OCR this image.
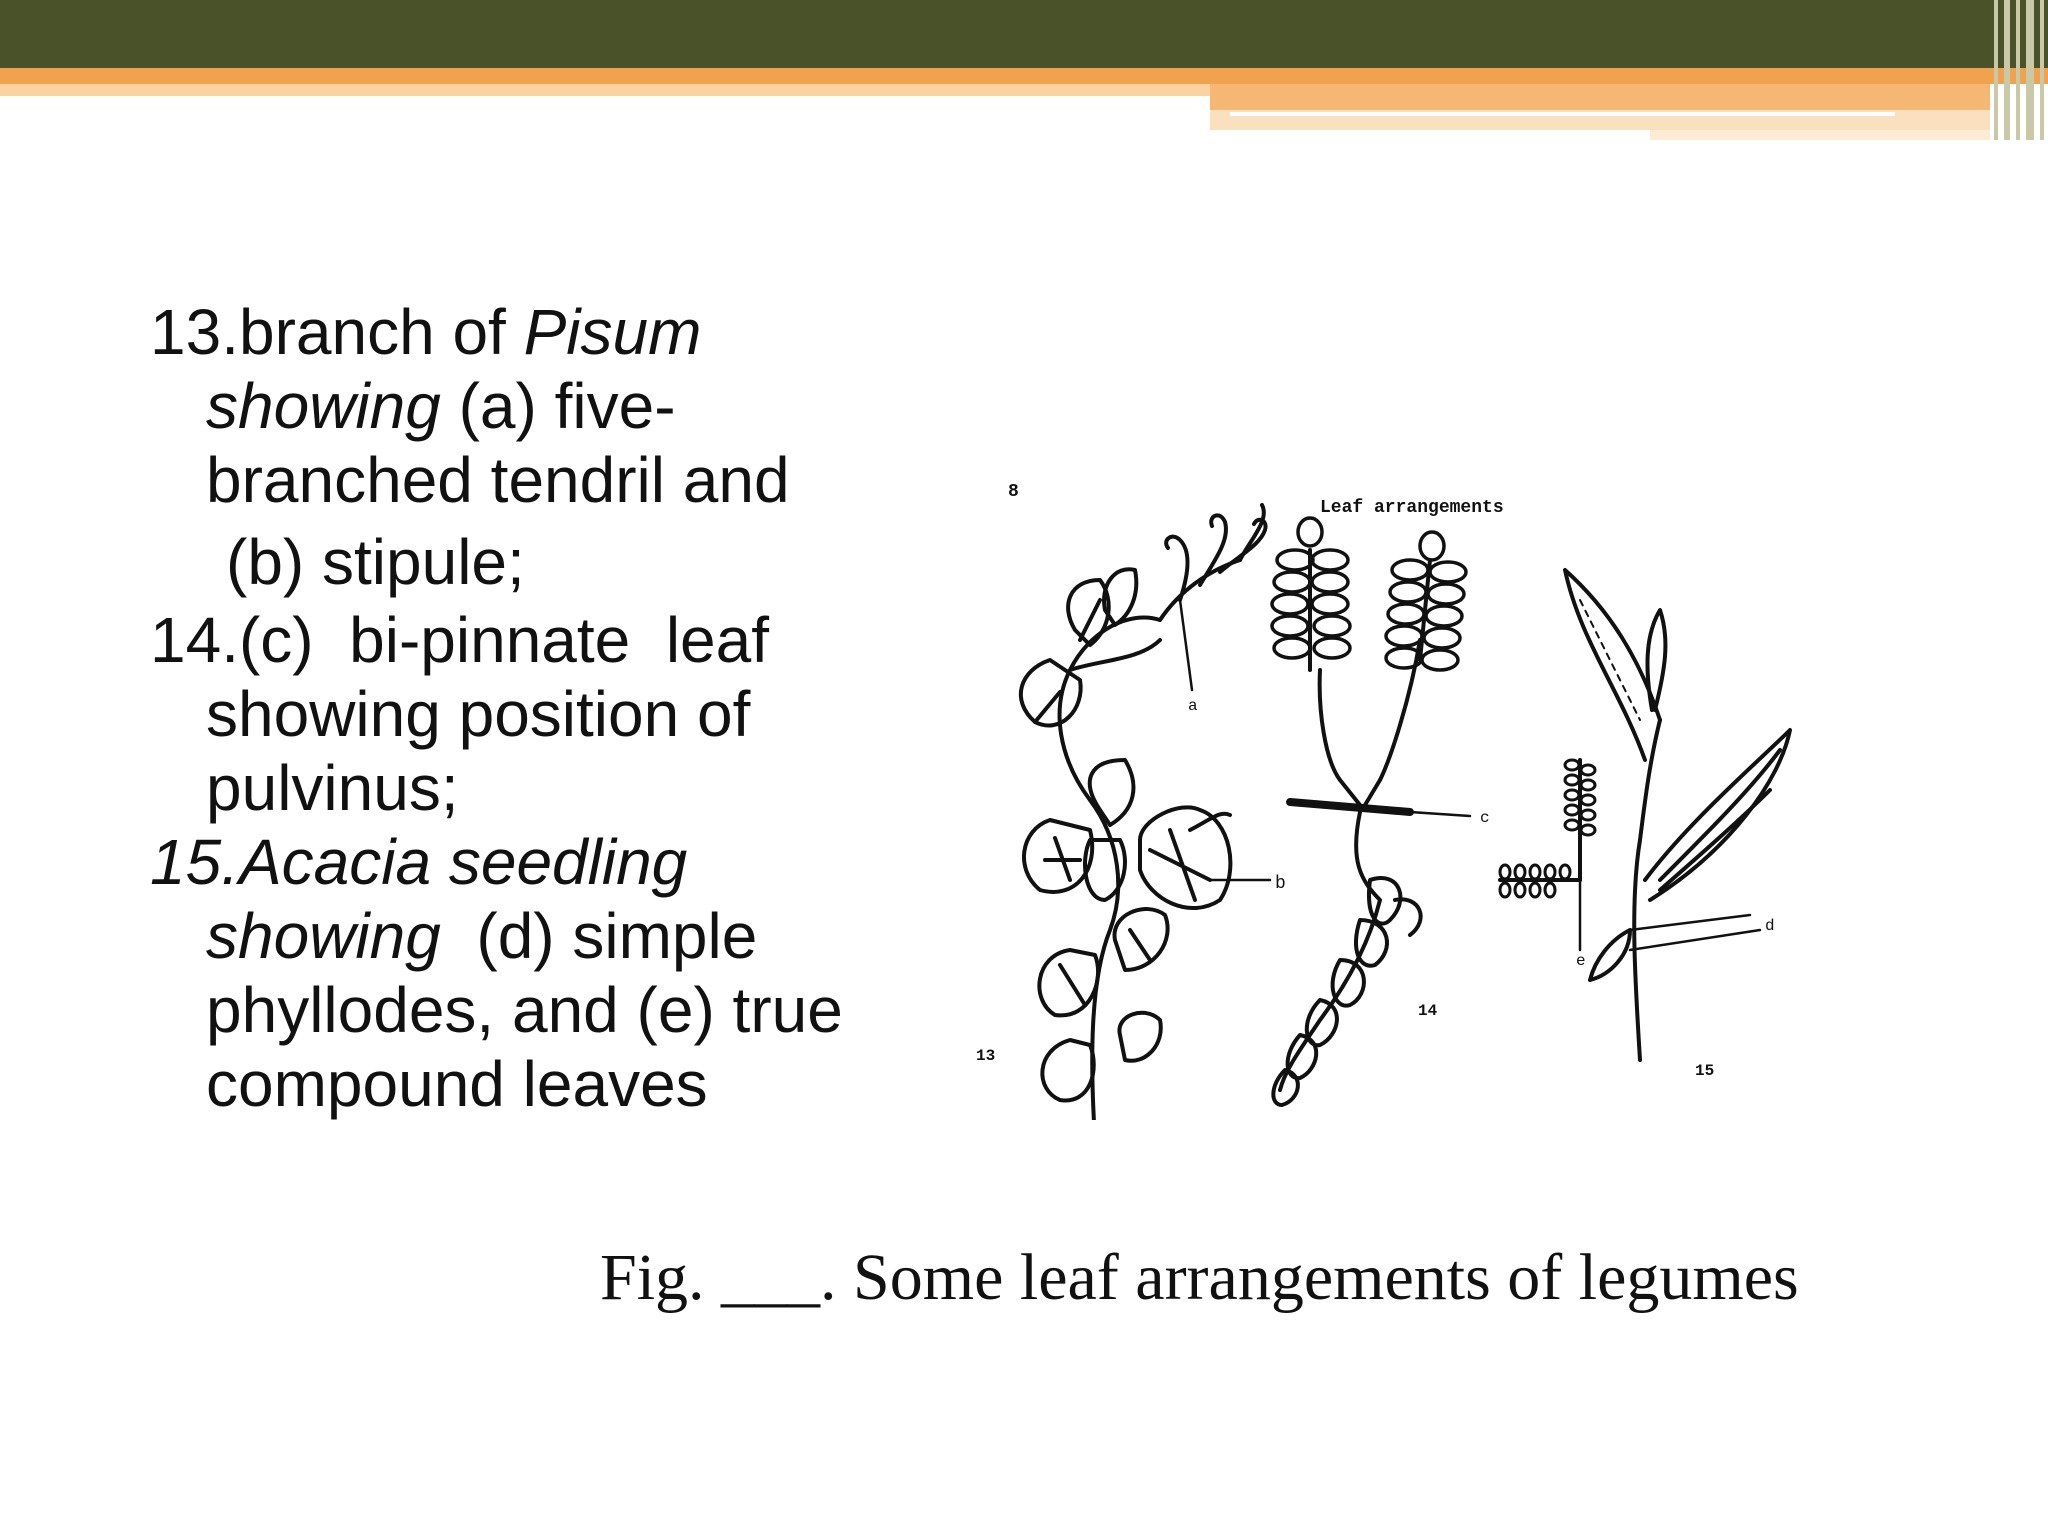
13.branch of Pisum
showing (a) five-
branched tendril and

(b) stipule;

14.(c)  bi-pinnate  leaf
showing position of
pulvinus;

15.Acacia seedling
showing  (d) simple
phyllodes, and (e) true
compound leaves

8
Leaf arrangements
b
a
13
c
14
e
d
15
Fig. ___. Some leaf arrangements of legumes
